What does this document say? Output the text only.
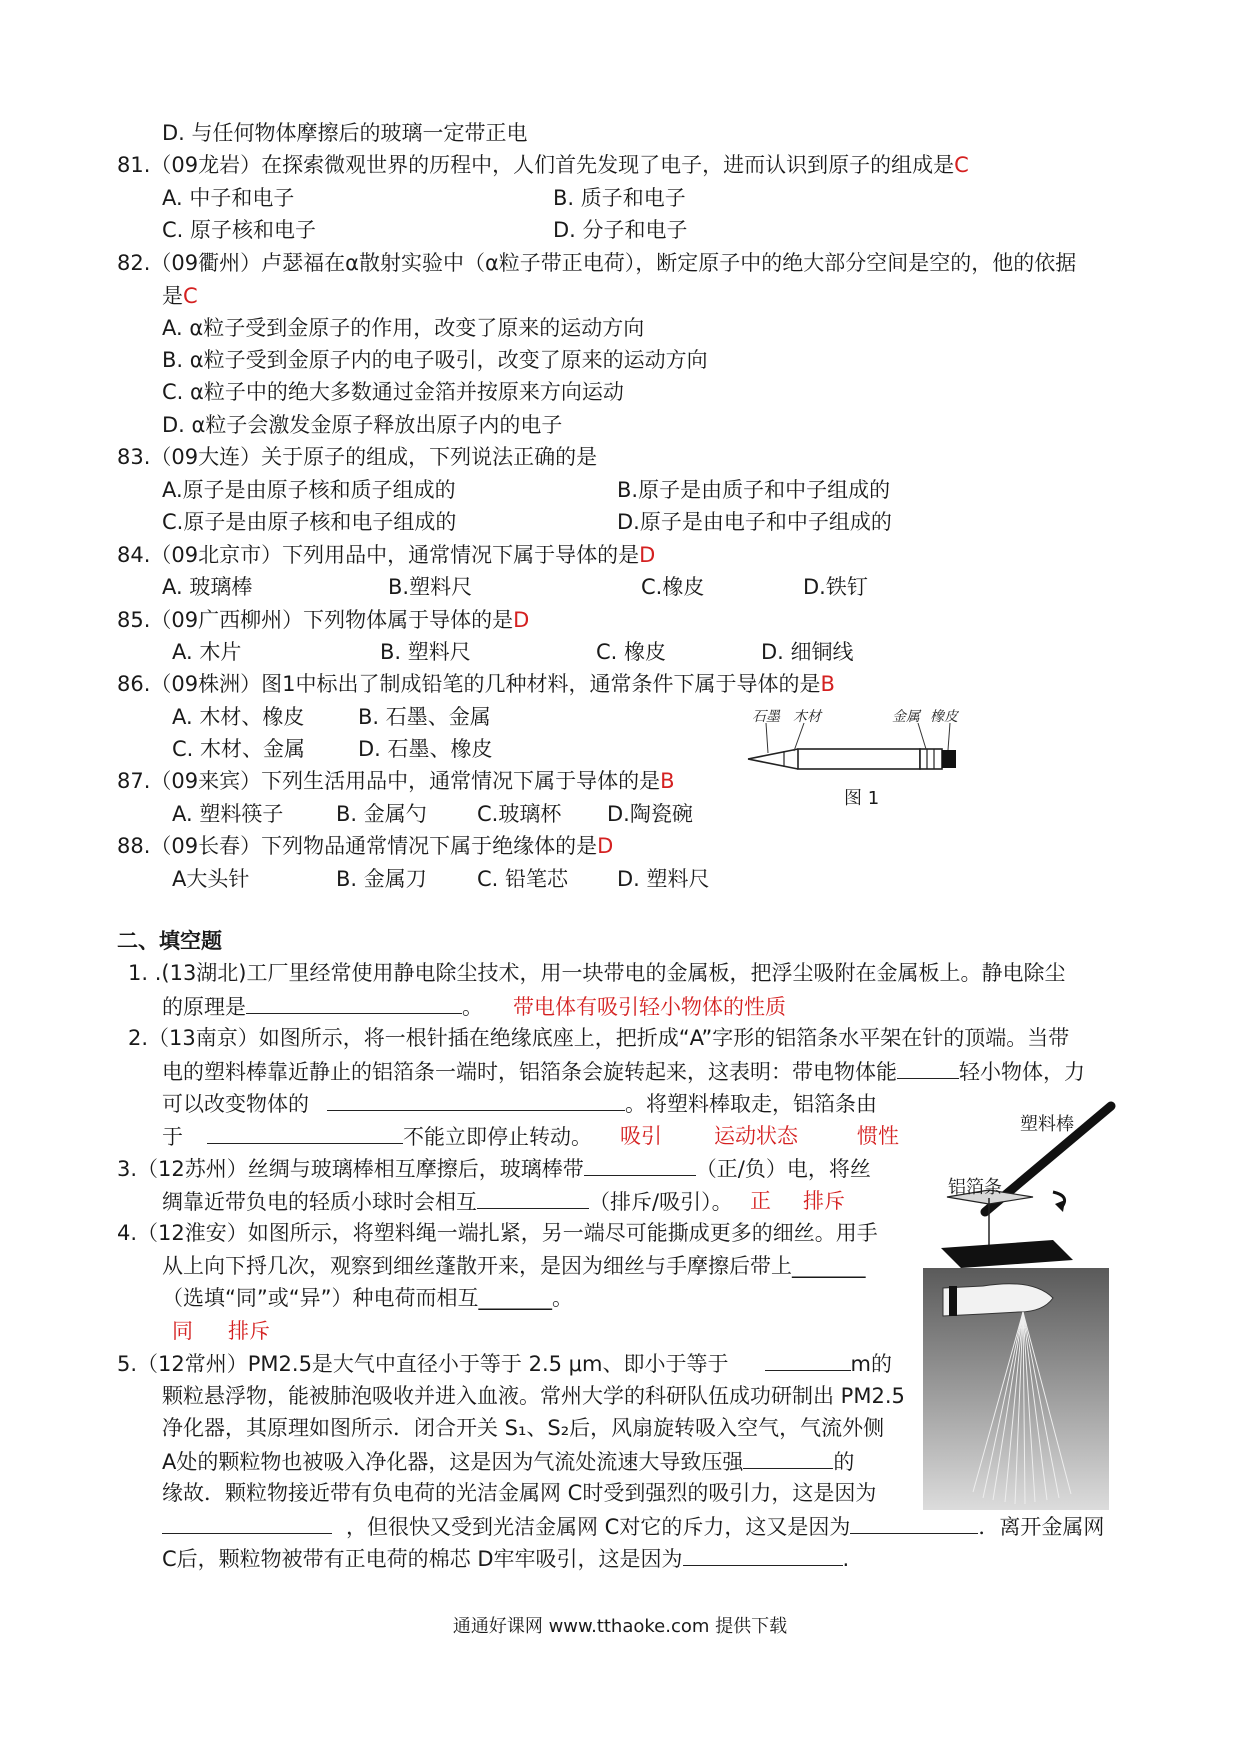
D. 与任何物体摩擦后的玻璃一定带正电
81.（09龙岩）在探索微观世界的历程中，人们首先发现了电子，进而认识到原子的组成是C
A. 中子和电子	B. 质子和电子
C. 原子核和电子	D. 分子和电子
82.（09衢州）卢瑟福在α散射实验中（α粒子带正电荷），断定原子中的绝大部分空间是空的，他的依据
是C
A. α粒子受到金原子的作用，改变了原来的运动方向
B. α粒子受到金原子内的电子吸引，改变了原来的运动方向
C. α粒子中的绝大多数通过金箔并按原来方向运动
D. α粒子会激发金原子释放出原子内的电子
83.（09大连）关于原子的组成，下列说法正确的是
A.原子是由原子核和质子组成的	B.原子是由质子和中子组成的
C.原子是由原子核和电子组成的	D.原子是由电子和中子组成的
84.（09北京市）下列用品中，通常情况下属于导体的是D
A. 玻璃棒	B.塑料尺	C.橡皮	D.铁钉
85.（09广西柳州）下列物体属于导体的是D
A. 木片	B. 塑料尺	C. 橡皮	D. 细铜线
86.（09株洲）图1中标出了制成铅笔的几种材料，通常条件下属于导体的是B
A. 木材、橡皮	B. 石墨、金属
C. 木材、金属	D. 石墨、橡皮
石墨 木材	金属 橡皮
图 1
87.（09来宾）下列生活用品中，通常情况下属于导体的是B
A. 塑料筷子	B. 金属勺 C.玻璃杯 D.陶瓷碗
88.（09长春）下列物品通常情况下属于绝缘体的是D
A大头针	B. 金属刀 C. 铅笔芯 D. 塑料尺
二、填空题
1. .(13湖北)工厂里经常使用静电除尘技术，用一块带电的金属板，把浮尘吸附在金属板上。静电除尘
的原理是	。 带电体有吸引轻小物体的性质
2.（13南京）如图所示，将一根针插在绝缘底座上，把折成“A”字形的铝箔条水平架在针的顶端。当带
电的塑料棒靠近静止的铝箔条一端时，铝箔条会旋转起来，这表明：带电物体能	轻小物体，力
可以改变物体的	。将塑料棒取走，铝箔条由
于	不能立即停止转动。 吸引 运动状态	惯性	塑料棒
铝箔条
3.（12苏州）丝绸与玻璃棒相互摩擦后，玻璃棒带	（正/负）电，将丝
绸靠近带负电的轻质小球时会相互	（排斥/吸引）。 正 排斥
4.（12淮安）如图所示，将塑料绳一端扎紧，另一端尽可能撕成更多的细丝。用手
从上向下捋几次，观察到细丝蓬散开来，是因为细丝与手摩擦后带上_______
（选填“同”或“异”）种电荷而相互_______。
同 排斥
5.（12常州）PM2.5是大气中直径小于等于 2.5 μm、即小于等于	m的
颗粒悬浮物，能被肺泡吸收并进入血液。常州大学的科研队伍成功研制出 PM2.5
净化器，其原理如图所示．闭合开关 S₁、S₂后，风扇旋转吸入空气，气流外侧
A处的颗粒物也被吸入净化器，这是因为气流处流速大导致压强	的
缘故．颗粒物接近带有负电荷的光洁金属网 C时受到强烈的吸引力，这是因为
，但很快又受到光洁金属网 C对它的斥力，这又是因为	．离开金属网
C后，颗粒物被带有正电荷的棉芯 D牢牢吸引，这是因为	.
通通好课网 www.tthaoke.com 提供下载
